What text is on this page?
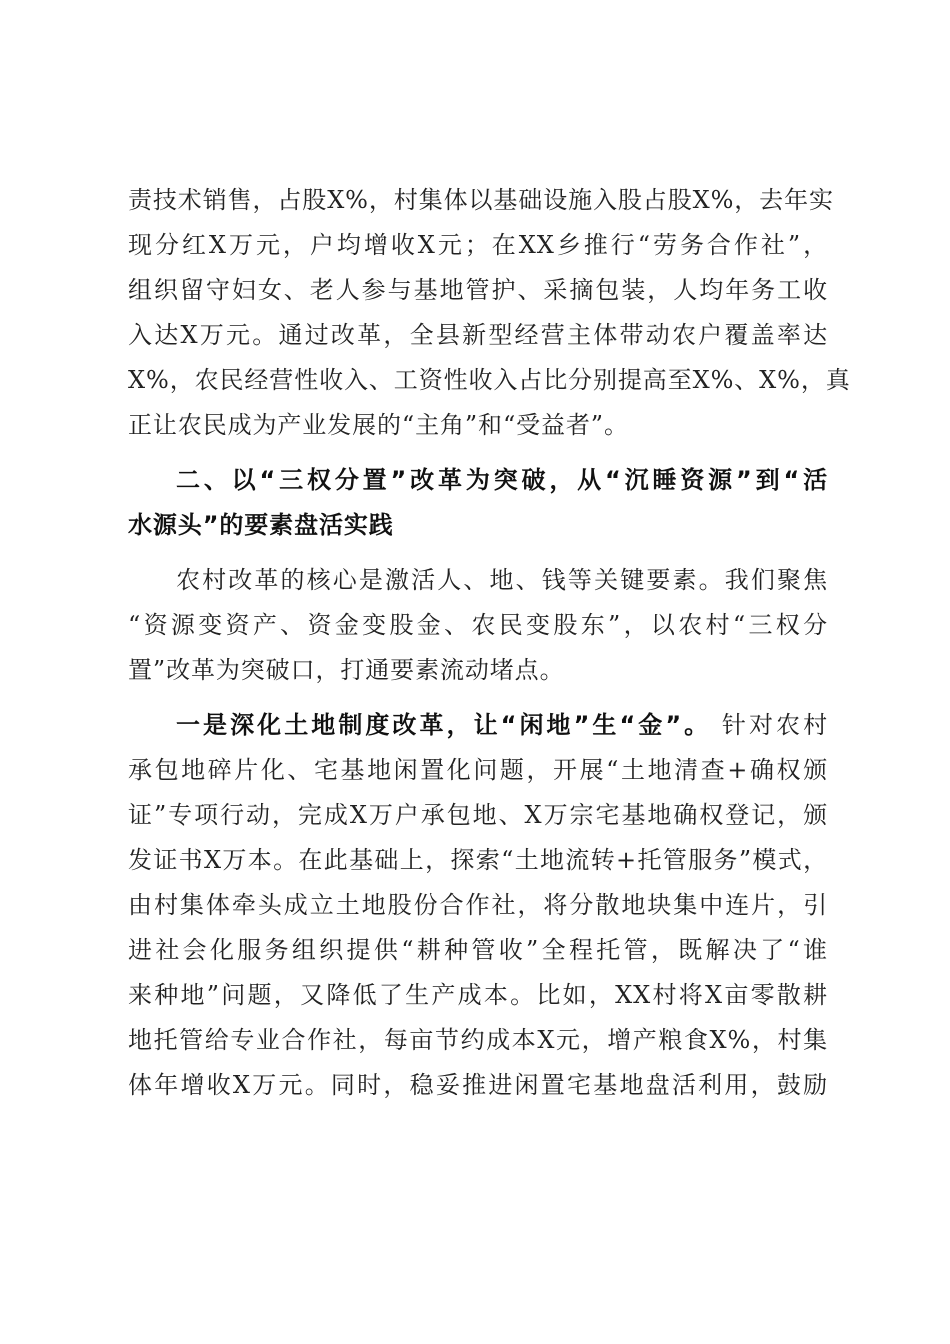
责技术销售，占股X%，村集体以基础设施入股占股X%，去年实
现分红X万元，户均增收X元；在XX乡推行“劳务合作社”，
组织留守妇女、老人参与基地管护、采摘包装，人均年务工收
入达X万元。通过改革，全县新型经营主体带动农户覆盖率达
X%，农民经营性收入、工资性收入占比分别提高至X%、X%，真
正让农民成为产业发展的“主角”和“受益者”。
二、以“三权分置”改革为突破，从“沉睡资源”到“活
水源头”的要素盘活实践
农村改革的核心是激活人、地、钱等关键要素。我们聚焦
“资源变资产、资金变股金、农民变股东”，以农村“三权分
置”改革为突破口，打通要素流动堵点。
一是深化土地制度改革，让“闲地”生“金”。 针对农村
承包地碎片化、宅基地闲置化问题，开展“土地清查+确权颁
证”专项行动，完成X万户承包地、X万宗宅基地确权登记，颁
发证书X万本。在此基础上，探索“土地流转+托管服务”模式，
由村集体牵头成立土地股份合作社，将分散地块集中连片，引
进社会化服务组织提供“耕种管收”全程托管，既解决了“谁
来种地”问题，又降低了生产成本。比如，XX村将X亩零散耕
地托管给专业合作社，每亩节约成本X元，增产粮食X%，村集
体年增收X万元。同时，稳妥推进闲置宅基地盘活利用，鼓励
